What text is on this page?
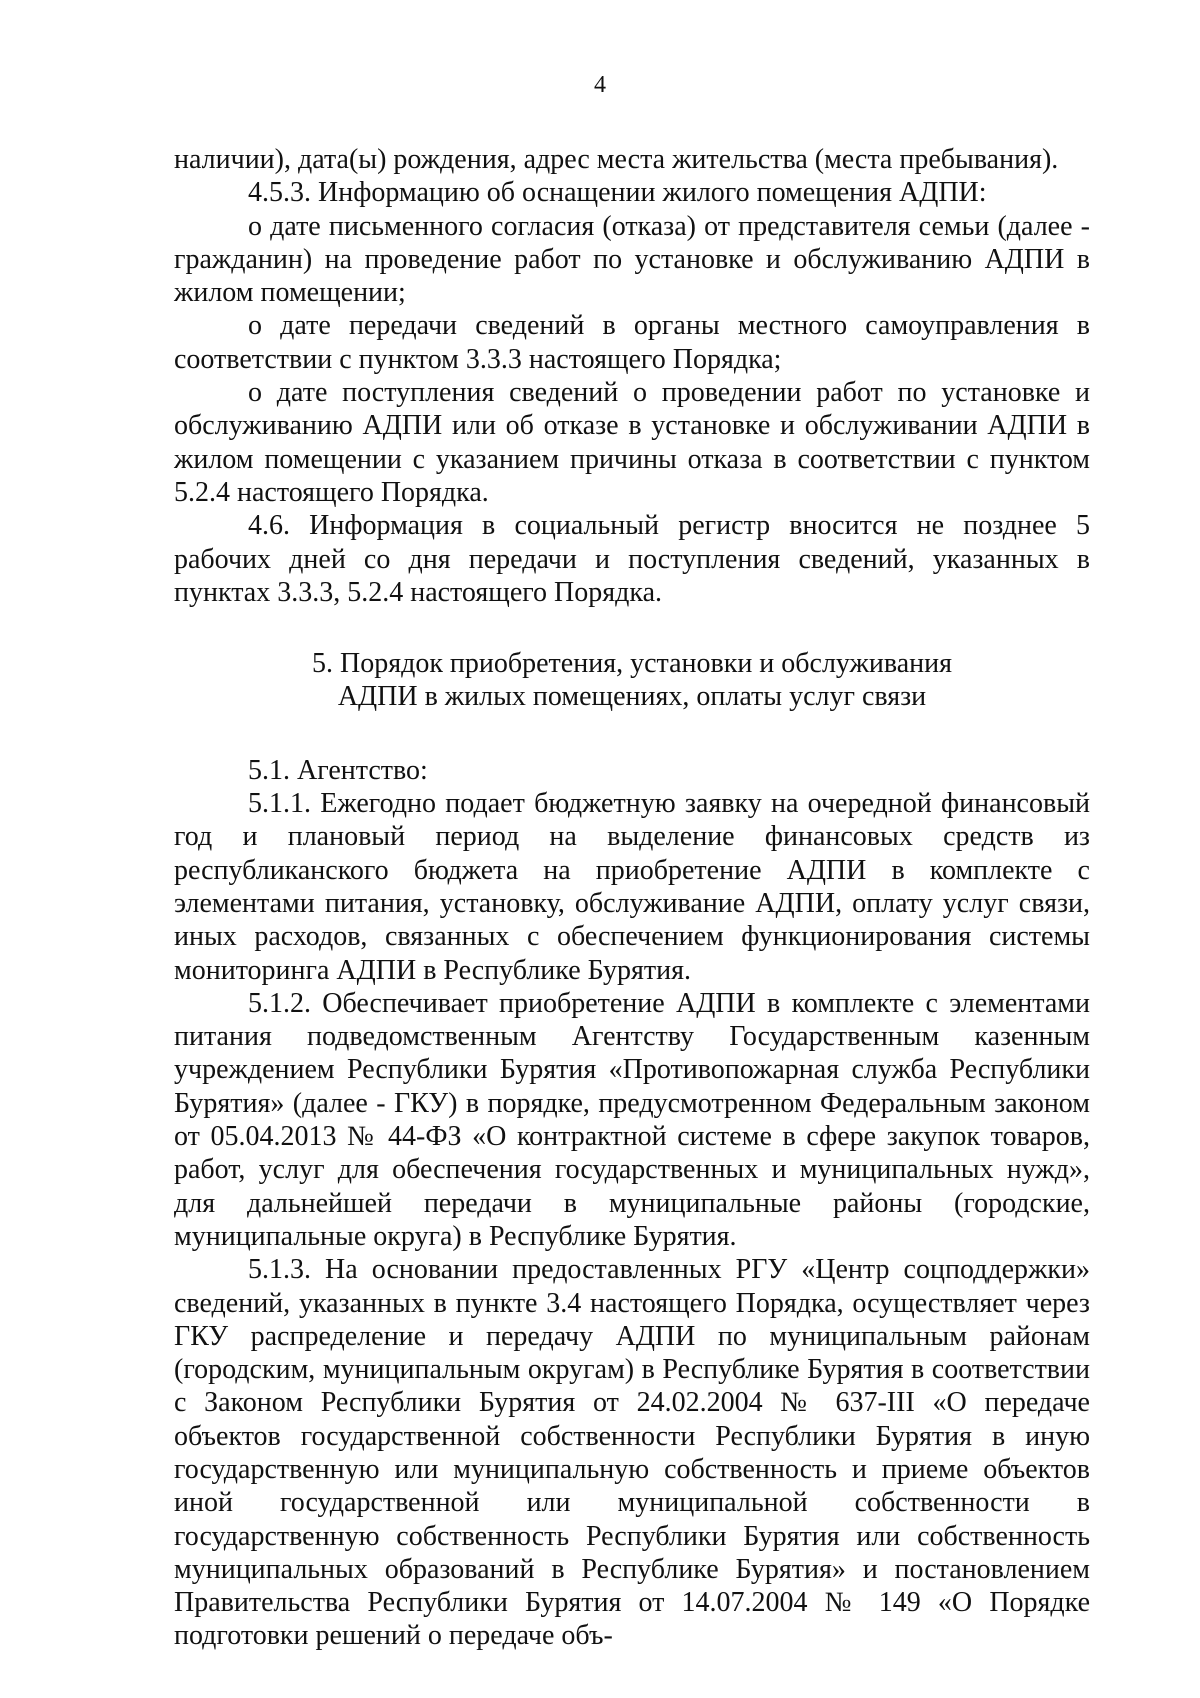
4

наличии), дата(ы) рождения, адрес места жительства (места пребывания).

4.5.3. Информацию об оснащении жилого помещения АДПИ:

о дате письменного согласия (отказа) от представителя семьи (далее - гражданин) на проведение работ по установке и обслуживанию АДПИ в жилом помещении;

о дате передачи сведений в органы местного самоуправления в соответствии с пунктом 3.3.3 настоящего Порядка;

о дате поступления сведений о проведении работ по установке и обслуживанию АДПИ или об отказе в установке и обслуживании АДПИ в жилом помещении с указанием причины отказа в соответствии с пунктом 5.2.4 настоящего Порядка.

4.6. Информация в социальный регистр вносится не позднее 5 рабочих дней со дня передачи и поступления сведений, указанных в пунктах 3.3.3, 5.2.4 настоящего Порядка.

5. Порядок приобретения, установки и обслуживания
АДПИ в жилых помещениях, оплаты услуг связи

5.1. Агентство:

5.1.1. Ежегодно подает бюджетную заявку на очередной финансовый год и плановый период на выделение финансовых средств из республиканского бюджета на приобретение АДПИ в комплекте с элементами питания, установку, обслуживание АДПИ, оплату услуг связи, иных расходов, связанных с обеспечением функционирования системы мониторинга АДПИ в Республике Бурятия.

5.1.2. Обеспечивает приобретение АДПИ в комплекте с элементами питания подведомственным Агентству Государственным казенным учреждением Республики Бурятия «Противопожарная служба Республики Бурятия» (далее - ГКУ) в порядке, предусмотренном Федеральным законом от 05.04.2013 № 44-ФЗ «О контрактной системе в сфере закупок товаров, работ, услуг для обеспечения государственных и муниципальных нужд», для дальнейшей передачи в муниципальные районы (городские, муниципальные округа) в Республике Бурятия.

5.1.3. На основании предоставленных РГУ «Центр соцподдержки» сведений, указанных в пункте 3.4 настоящего Порядка, осуществляет через ГКУ распределение и передачу АДПИ по муниципальным районам (городским, муниципальным округам) в Республике Бурятия в соответствии с Законом Республики Бурятия от 24.02.2004 № 637-III «О передаче объектов государственной собственности Республики Бурятия в иную государственную или муниципальную собственность и приеме объектов иной государственной или муниципальной собственности в государственную собственность Республики Бурятия или собственность муниципальных образований в Республике Бурятия» и постановлением Правительства Республики Бурятия от 14.07.2004 № 149 «О Порядке подготовки решений о передаче объ-
